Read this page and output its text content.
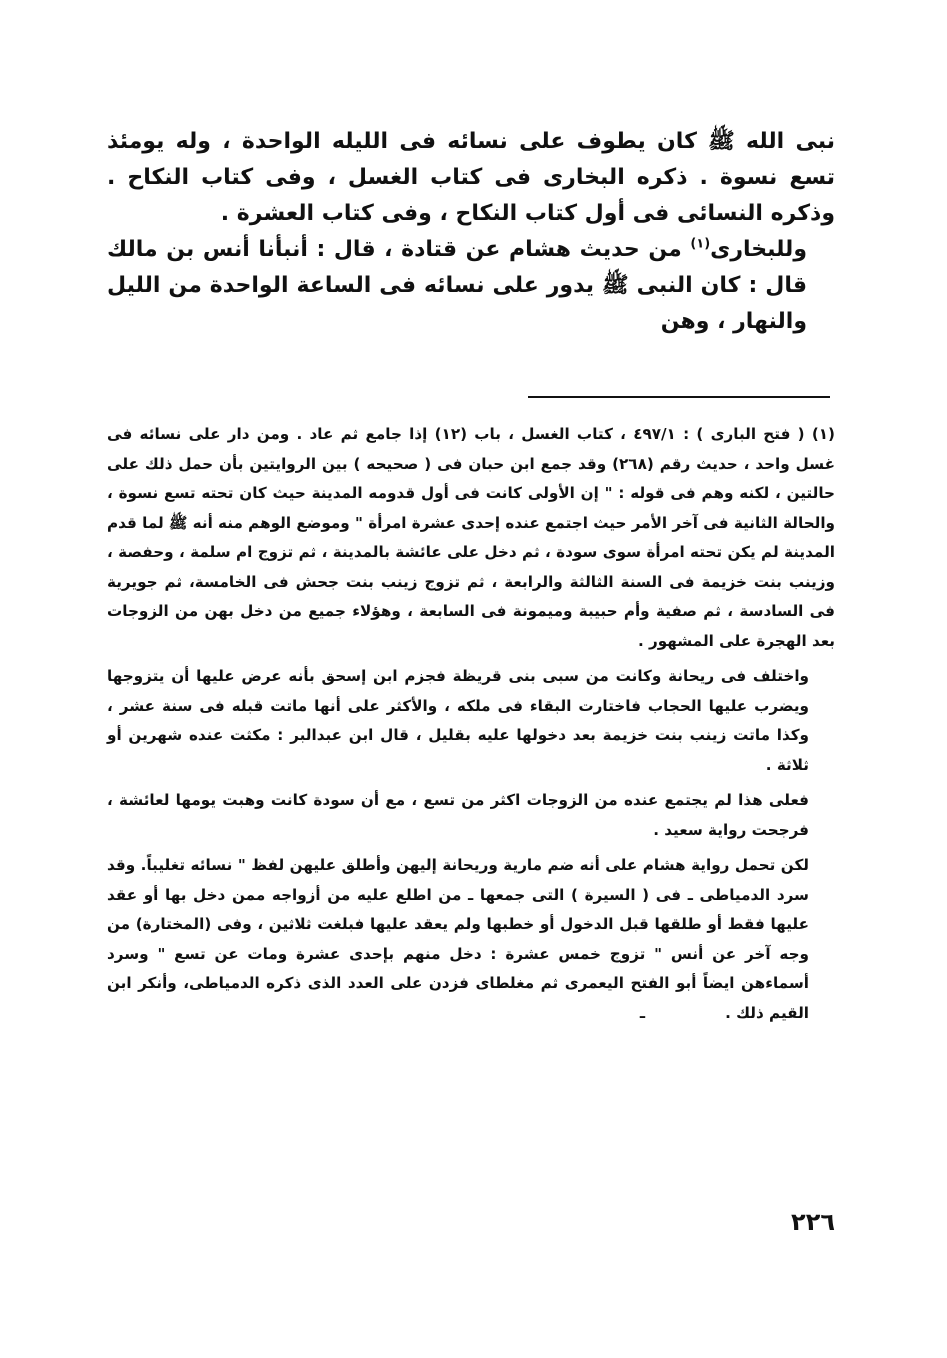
نبى الله ﷺ كان يطوف على نسائه فى الليله الواحدة ، وله يومئذ تسع نسوة . ذكره البخارى فى كتاب الغسل ، وفى كتاب النكاح . وذكره النسائى فى أول كتاب النكاح ، وفى كتاب العشرة .

وللبخارى$^{(١)}$ من حديث هشام عن قتادة ، قال : أنبأنا أنس بن مالك قال : كان النبى ﷺ يدور على نسائه فى الساعة الواحدة من الليل والنهار ، وهن

(١) ( فتح البارى ) : ٤٩٧/١ ، كتاب الغسل ، باب (١٢) إذا جامع ثم عاد . ومن دار على نسائه فى غسل واحد ، حديث رقم (٢٦٨) وقد جمع ابن حبان فى ( صحيحه ) بين الروايتين بأن حمل ذلك على حالتين ، لكنه وهم فى قوله : " إن الأولى كانت فى أول قدومه المدينة حيث كان تحته تسع نسوة ، والحالة الثانية فى آخر الأمر حيث اجتمع عنده إحدى عشرة امرأة " وموضع الوهم منه أنه ﷺ لما قدم المدينة لم يكن تحته امرأة سوى سودة ، ثم دخل على عائشة بالمدينة ، ثم تزوج ام سلمة ، وحفصة ، وزينب بنت خزيمة فى السنة الثالثة والرابعة ، ثم تزوج زينب بنت جحش فى الخامسة، ثم جويرية فى السادسة ، ثم صفية وأم حبيبة وميمونة فى السابعة ، وهؤلاء جميع من دخل بهن من الزوجات بعد الهجرة على المشهور .

واختلف فى ريحانة وكانت من سبى بنى قريظة فجزم ابن إسحق بأنه عرض عليها أن يتزوجها ويضرب عليها الحجاب فاختارت البقاء فى ملكه ، والأكثر على أنها ماتت قبله فى سنة عشر ، وكذا ماتت زينب بنت خزيمة بعد دخولها عليه بقليل ، قال ابن عبدالبر : مكثت عنده شهرين أو ثلاثة .

فعلى هذا لم يجتمع عنده من الزوجات اكثر من تسع ، مع أن سودة كانت وهبت يومها لعائشة ، فرجحت رواية سعيد .

لكن تحمل رواية هشام على أنه ضم مارية وريحانة إليهن وأطلق عليهن لفظ " نسائه تغليباً. وقد سرد الدمياطى ـ فى ( السيرة ) التى جمعها ـ من اطلع عليه من أزواجه ممن دخل بها أو عقد عليها فقط أو طلقها قبل الدخول أو خطبها ولم يعقد عليها فبلغت ثلاثين ، وفى (المختارة) من وجه آخر عن أنس " تزوج خمس عشرة : دخل منهم بإحدى عشرة ومات عن تسع " وسرد أسماءهن ايضاً أبو الفتح اليعمرى ثم مغلطاى فزدن على العدد الذى ذكره الدمياطى، وأنكر ابن القيم ذلك .ـ

٢٢٦
